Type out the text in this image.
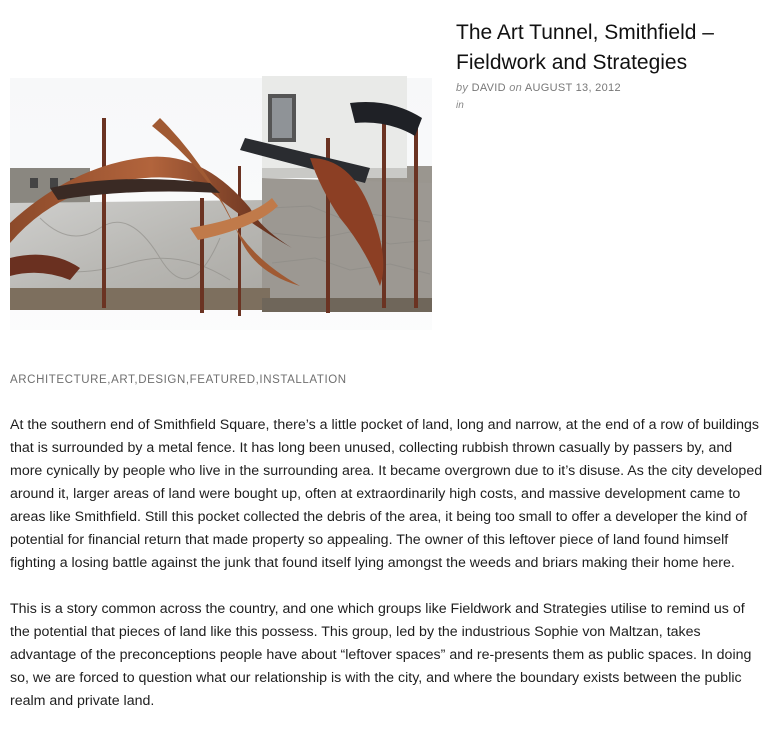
The Art Tunnel, Smithfield – Fieldwork and Strategies
by DAVID on AUGUST 13, 2012
in
ARCHITECTURE,ART,DESIGN,FEATURED,INSTALLATION

At the southern end of Smithfield Square, there’s a little pocket of land, long and narrow, at the end of a row of buildings that is surrounded by a metal fence. It has long been unused, collecting rubbish thrown casually by passers by, and more cynically by people who live in the surrounding area. It became overgrown due to it’s disuse. As the city developed around it, larger areas of land were bought up, often at extraordinarily high costs, and massive development came to areas like Smithfield. Still this pocket collected the debris of the area, it being too small to offer a developer the kind of potential for financial return that made property so appealing. The owner of this leftover piece of land found himself fighting a losing battle against the junk that found itself lying amongst the weeds and briars making their home here.

This is a story common across the country, and one which groups like Fieldwork and Strategies utilise to remind us of the potential that pieces of land like this possess. This group, led by the industrious Sophie von Maltzan, takes advantage of the preconceptions people have about “leftover spaces” and re-presents them as public spaces. In doing so, we are forced to question what our relationship is with the city, and where the boundary exists between the public realm and private land.
